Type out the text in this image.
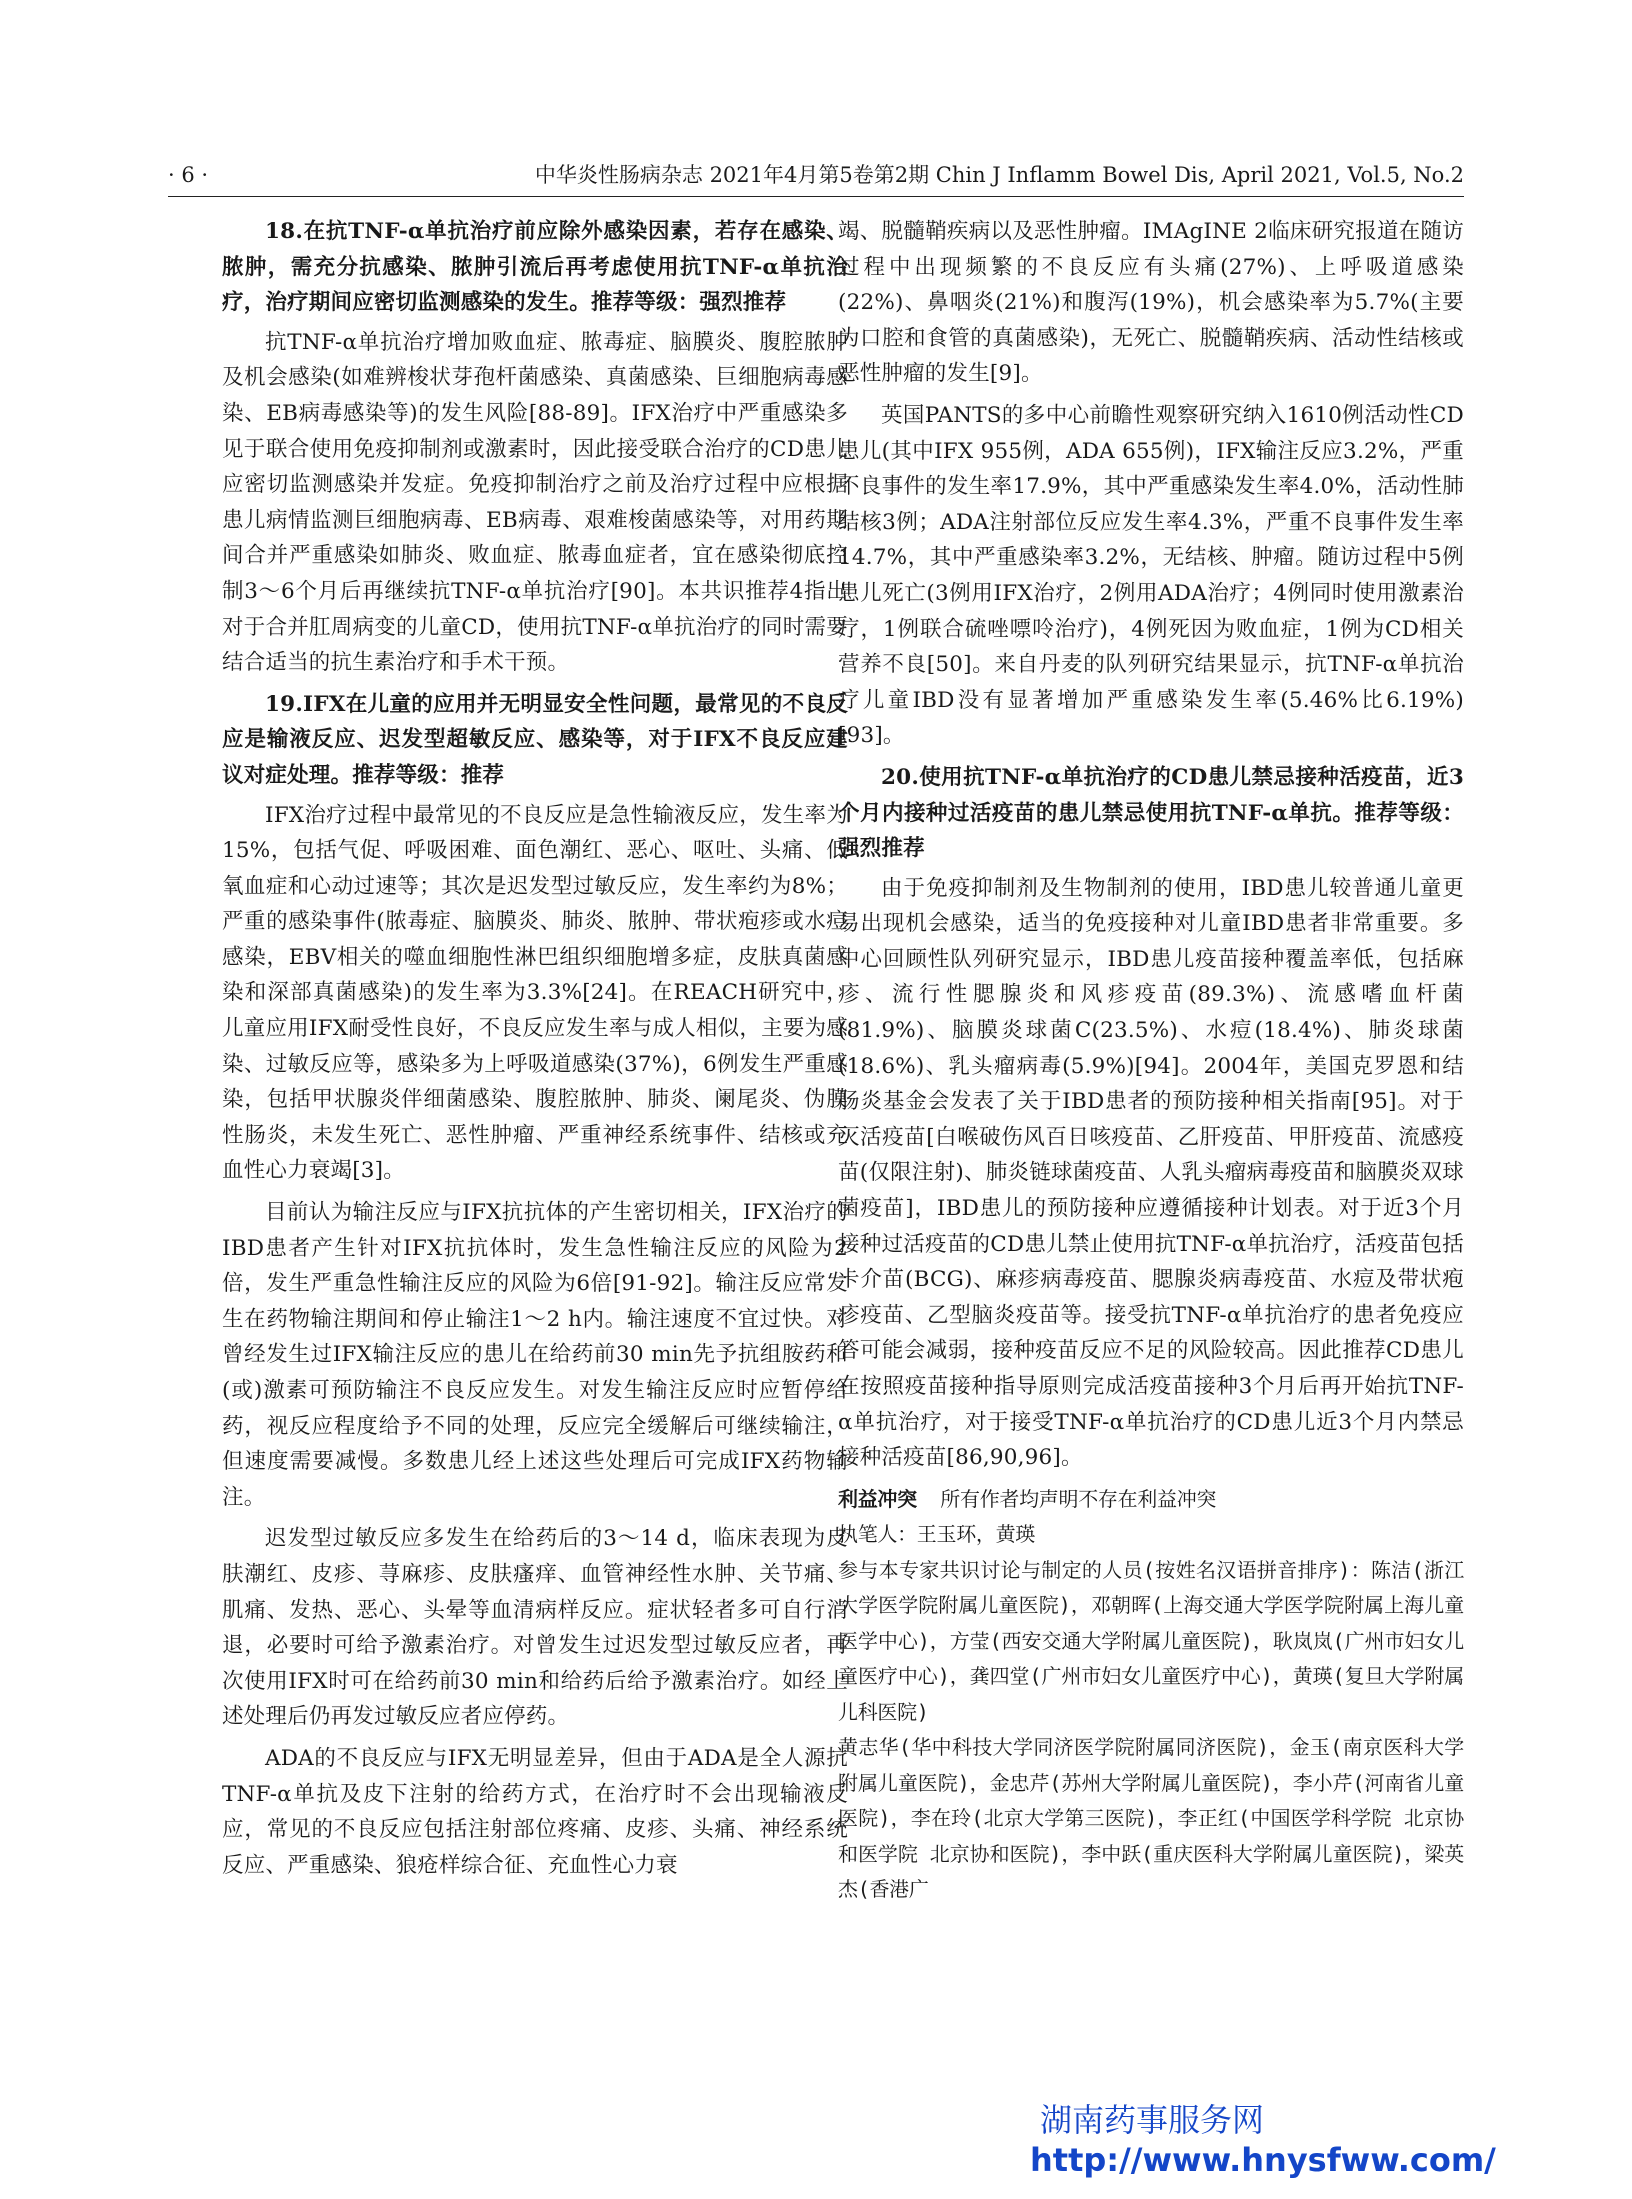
· 6 ·	中华炎性肠病杂志 2021年4月第5卷第2期 Chin J Inflamm Bowel Dis, April 2021, Vol.5, No.2

18.在抗TNF-α单抗治疗前应除外感染因素，若存在感染、脓肿，需充分抗感染、脓肿引流后再考虑使用抗TNF-α单抗治疗，治疗期间应密切监测感染的发生。推荐等级：强烈推荐

抗TNF-α单抗治疗增加败血症、脓毒症、脑膜炎、腹腔脓肿及机会感染(如难辨梭状芽孢杆菌感染、真菌感染、巨细胞病毒感染、EB病毒感染等)的发生风险[88-89]。IFX治疗中严重感染多见于联合使用免疫抑制剂或激素时，因此接受联合治疗的CD患儿应密切监测感染并发症。免疫抑制治疗之前及治疗过程中应根据患儿病情监测巨细胞病毒、EB病毒、艰难梭菌感染等，对用药期间合并严重感染如肺炎、败血症、脓毒血症者，宜在感染彻底控制3～6个月后再继续抗TNF-α单抗治疗[90]。本共识推荐4指出对于合并肛周病变的儿童CD，使用抗TNF-α单抗治疗的同时需要结合适当的抗生素治疗和手术干预。

19.IFX在儿童的应用并无明显安全性问题，最常见的不良反应是输液反应、迟发型超敏反应、感染等，对于IFX不良反应建议对症处理。推荐等级：推荐

IFX治疗过程中最常见的不良反应是急性输液反应，发生率为15%，包括气促、呼吸困难、面色潮红、恶心、呕吐、头痛、低氧血症和心动过速等；其次是迟发型过敏反应，发生率约为8%；严重的感染事件(脓毒症、脑膜炎、肺炎、脓肿、带状疱疹或水痘感染，EBV相关的噬血细胞性淋巴组织细胞增多症，皮肤真菌感染和深部真菌感染)的发生率为3.3%[24]。在REACH研究中，儿童应用IFX耐受性良好，不良反应发生率与成人相似，主要为感染、过敏反应等，感染多为上呼吸道感染(37%)，6例发生严重感染，包括甲状腺炎伴细菌感染、腹腔脓肿、肺炎、阑尾炎、伪膜性肠炎，未发生死亡、恶性肿瘤、严重神经系统事件、结核或充血性心力衰竭[3]。

目前认为输注反应与IFX抗抗体的产生密切相关，IFX治疗的IBD患者产生针对IFX抗抗体时，发生急性输注反应的风险为2倍，发生严重急性输注反应的风险为6倍[91-92]。输注反应常发生在药物输注期间和停止输注1～2 h内。输注速度不宜过快。对曾经发生过IFX输注反应的患儿在给药前30 min先予抗组胺药和(或)激素可预防输注不良反应发生。对发生输注反应时应暂停给药，视反应程度给予不同的处理，反应完全缓解后可继续输注，但速度需要减慢。多数患儿经上述这些处理后可完成IFX药物输注。

迟发型过敏反应多发生在给药后的3～14 d，临床表现为皮肤潮红、皮疹、荨麻疹、皮肤瘙痒、血管神经性水肿、关节痛、肌痛、发热、恶心、头晕等血清病样反应。症状轻者多可自行消退，必要时可给予激素治疗。对曾发生过迟发型过敏反应者，再次使用IFX时可在给药前30 min和给药后给予激素治疗。如经上述处理后仍再发过敏反应者应停药。

ADA的不良反应与IFX无明显差异，但由于ADA是全人源抗TNF-α单抗及皮下注射的给药方式，在治疗时不会出现输液反应，常见的不良反应包括注射部位疼痛、皮疹、头痛、神经系统反应、严重感染、狼疮样综合征、充血性心力衰

竭、脱髓鞘疾病以及恶性肿瘤。IMAgINE 2临床研究报道在随访过程中出现频繁的不良反应有头痛(27%)、上呼吸道感染(22%)、鼻咽炎(21%)和腹泻(19%)，机会感染率为5.7%(主要为口腔和食管的真菌感染)，无死亡、脱髓鞘疾病、活动性结核或恶性肿瘤的发生[9]。

英国PANTS的多中心前瞻性观察研究纳入1610例活动性CD患儿(其中IFX 955例，ADA 655例)，IFX输注反应3.2%，严重不良事件的发生率17.9%，其中严重感染发生率4.0%，活动性肺结核3例；ADA注射部位反应发生率4.3%，严重不良事件发生率14.7%，其中严重感染率3.2%，无结核、肿瘤。随访过程中5例患儿死亡(3例用IFX治疗，2例用ADA治疗；4例同时使用激素治疗，1例联合硫唑嘌呤治疗)，4例死因为败血症，1例为CD相关营养不良[50]。来自丹麦的队列研究结果显示，抗TNF-α单抗治疗儿童IBD没有显著增加严重感染发生率(5.46%比6.19%)[93]。

20.使用抗TNF-α单抗治疗的CD患儿禁忌接种活疫苗，近3个月内接种过活疫苗的患儿禁忌使用抗TNF-α单抗。推荐等级：强烈推荐

由于免疫抑制剂及生物制剂的使用，IBD患儿较普通儿童更易出现机会感染，适当的免疫接种对儿童IBD患者非常重要。多中心回顾性队列研究显示，IBD患儿疫苗接种覆盖率低，包括麻疹、流行性腮腺炎和风疹疫苗(89.3%)、流感嗜血杆菌(81.9%)、脑膜炎球菌C(23.5%)、水痘(18.4%)、肺炎球菌(18.6%)、乳头瘤病毒(5.9%)[94]。2004年，美国克罗恩和结肠炎基金会发表了关于IBD患者的预防接种相关指南[95]。对于灭活疫苗[白喉破伤风百日咳疫苗、乙肝疫苗、甲肝疫苗、流感疫苗(仅限注射)、肺炎链球菌疫苗、人乳头瘤病毒疫苗和脑膜炎双球菌疫苗]，IBD患儿的预防接种应遵循接种计划表。对于近3个月接种过活疫苗的CD患儿禁止使用抗TNF-α单抗治疗，活疫苗包括卡介苗(BCG)、麻疹病毒疫苗、腮腺炎病毒疫苗、水痘及带状疱疹疫苗、乙型脑炎疫苗等。接受抗TNF-α单抗治疗的患者免疫应答可能会减弱，接种疫苗反应不足的风险较高。因此推荐CD患儿在按照疫苗接种指导原则完成活疫苗接种3个月后再开始抗TNF-α单抗治疗，对于接受TNF-α单抗治疗的CD患儿近3个月内禁忌接种活疫苗[86,90,96]。

利益冲突 所有作者均声明不存在利益冲突

执笔人：王玉环，黄瑛

参与本专家共识讨论与制定的人员(按姓名汉语拼音排序)：陈洁(浙江大学医学院附属儿童医院)，邓朝晖(上海交通大学医学院附属上海儿童医学中心)，方莹(西安交通大学附属儿童医院)，耿岚岚(广州市妇女儿童医疗中心)，龚四堂(广州市妇女儿童医疗中心)，黄瑛(复旦大学附属儿科医院)

黄志华(华中科技大学同济医学院附属同济医院)，金玉(南京医科大学附属儿童医院)，金忠芹(苏州大学附属儿童医院)，李小芹(河南省儿童医院)，李在玲(北京大学第三医院)，李正红(中国医学科学院 北京协和医学院 北京协和医院)，李中跃(重庆医科大学附属儿童医院)，梁英杰(香港广

湖南药事服务网
http://www.hnysfww.com/
